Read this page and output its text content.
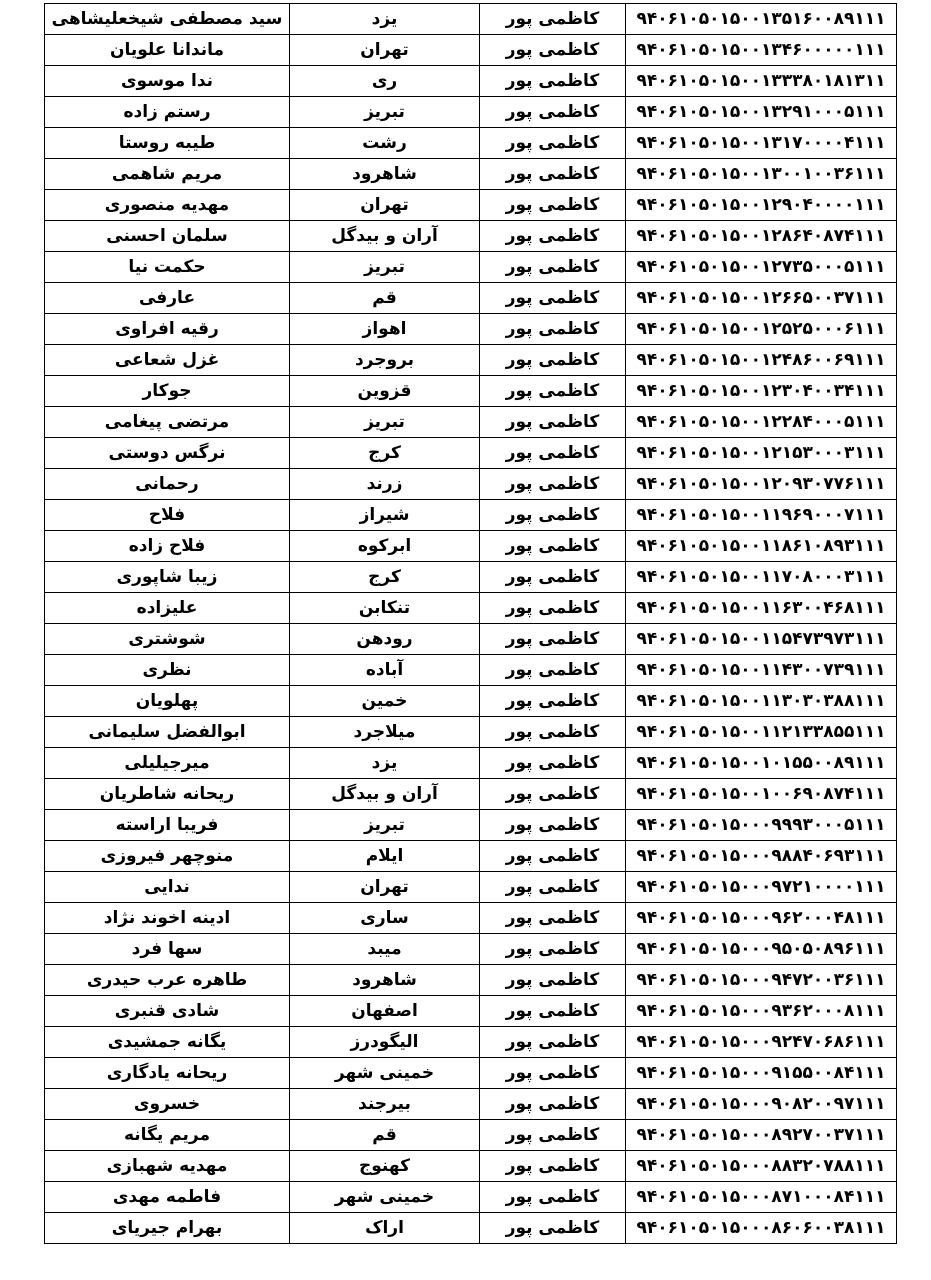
سید مصطفی شیخعلیشاهی	یزد	کاظمی پور	۹۴۰۶۱۰۵۰۱۵۰۰۱۳۵۱۶۰۰۸۹۱۱۱
ماندانا علویان	تهران	کاظمی پور	۹۴۰۶۱۰۵۰۱۵۰۰۱۳۴۶۰۰۰۰۰۱۱۱
ندا موسوی	ری	کاظمی پور	۹۴۰۶۱۰۵۰۱۵۰۰۱۳۳۳۸۰۱۸۱۳۱۱
رستم زاده	تبریز	کاظمی پور	۹۴۰۶۱۰۵۰۱۵۰۰۱۳۲۹۱۰۰۰۵۱۱۱
طیبه روستا	رشت	کاظمی پور	۹۴۰۶۱۰۵۰۱۵۰۰۱۳۱۷۰۰۰۰۴۱۱۱
مریم شاهمی	شاهرود	کاظمی پور	۹۴۰۶۱۰۵۰۱۵۰۰۱۳۰۰۱۰۰۳۶۱۱۱
مهدیه منصوری	تهران	کاظمی پور	۹۴۰۶۱۰۵۰۱۵۰۰۱۲۹۰۴۰۰۰۰۱۱۱
سلمان احسنی	آران و بیدگل	کاظمی پور	۹۴۰۶۱۰۵۰۱۵۰۰۱۲۸۶۴۰۸۷۴۱۱۱
حکمت نیا	تبریز	کاظمی پور	۹۴۰۶۱۰۵۰۱۵۰۰۱۲۷۳۵۰۰۰۵۱۱۱
عارفی	قم	کاظمی پور	۹۴۰۶۱۰۵۰۱۵۰۰۱۲۶۶۵۰۰۳۷۱۱۱
رقیه افراوی	اهواز	کاظمی پور	۹۴۰۶۱۰۵۰۱۵۰۰۱۲۵۲۵۰۰۰۶۱۱۱
غزل شعاعی	بروجرد	کاظمی پور	۹۴۰۶۱۰۵۰۱۵۰۰۱۲۴۸۶۰۰۶۹۱۱۱
جوکار	قزوین	کاظمی پور	۹۴۰۶۱۰۵۰۱۵۰۰۱۲۳۰۴۰۰۳۴۱۱۱
مرتضی پیغامی	تبریز	کاظمی پور	۹۴۰۶۱۰۵۰۱۵۰۰۱۲۲۸۴۰۰۰۵۱۱۱
نرگس دوستی	کرج	کاظمی پور	۹۴۰۶۱۰۵۰۱۵۰۰۱۲۱۵۳۰۰۰۳۱۱۱
رحمانی	زرند	کاظمی پور	۹۴۰۶۱۰۵۰۱۵۰۰۱۲۰۹۳۰۷۷۶۱۱۱
فلاح	شیراز	کاظمی پور	۹۴۰۶۱۰۵۰۱۵۰۰۱۱۹۶۹۰۰۰۷۱۱۱
فلاح زاده	ابرکوه	کاظمی پور	۹۴۰۶۱۰۵۰۱۵۰۰۱۱۸۶۱۰۸۹۳۱۱۱
زیبا شاپوری	کرج	کاظمی پور	۹۴۰۶۱۰۵۰۱۵۰۰۱۱۷۰۸۰۰۰۳۱۱۱
علیزاده	تنکابن	کاظمی پور	۹۴۰۶۱۰۵۰۱۵۰۰۱۱۶۳۰۰۴۶۸۱۱۱
شوشتری	رودهن	کاظمی پور	۹۴۰۶۱۰۵۰۱۵۰۰۱۱۵۴۷۳۹۷۳۱۱۱
نظری	آباده	کاظمی پور	۹۴۰۶۱۰۵۰۱۵۰۰۱۱۴۳۰۰۷۳۹۱۱۱
پهلویان	خمین	کاظمی پور	۹۴۰۶۱۰۵۰۱۵۰۰۱۱۳۰۳۰۳۸۸۱۱۱
ابوالفضل سلیمانی	میلاجرد	کاظمی پور	۹۴۰۶۱۰۵۰۱۵۰۰۱۱۲۱۳۳۸۵۵۱۱۱
میرجیلیلی	یزد	کاظمی پور	۹۴۰۶۱۰۵۰۱۵۰۰۱۰۱۵۵۰۰۸۹۱۱۱
ریحانه شاطریان	آران و بیدگل	کاظمی پور	۹۴۰۶۱۰۵۰۱۵۰۰۱۰۰۶۹۰۸۷۴۱۱۱
فریبا اراسته	تبریز	کاظمی پور	۹۴۰۶۱۰۵۰۱۵۰۰۰۹۹۹۳۰۰۰۵۱۱۱
منوچهر فیروزی	ایلام	کاظمی پور	۹۴۰۶۱۰۵۰۱۵۰۰۰۹۸۸۴۰۶۹۳۱۱۱
ندایی	تهران	کاظمی پور	۹۴۰۶۱۰۵۰۱۵۰۰۰۹۷۲۱۰۰۰۰۱۱۱
ادینه اخوند نژاد	ساری	کاظمی پور	۹۴۰۶۱۰۵۰۱۵۰۰۰۹۶۲۰۰۰۴۸۱۱۱
سها فرد	میبد	کاظمی پور	۹۴۰۶۱۰۵۰۱۵۰۰۰۹۵۰۵۰۸۹۶۱۱۱
طاهره عرب حیدری	شاهرود	کاظمی پور	۹۴۰۶۱۰۵۰۱۵۰۰۰۹۴۷۲۰۰۳۶۱۱۱
شادی قنبری	اصفهان	کاظمی پور	۹۴۰۶۱۰۵۰۱۵۰۰۰۹۳۶۲۰۰۰۸۱۱۱
یگانه جمشیدی	الیگودرز	کاظمی پور	۹۴۰۶۱۰۵۰۱۵۰۰۰۹۲۴۷۰۶۸۶۱۱۱
ریحانه یادگاری	خمینی شهر	کاظمی پور	۹۴۰۶۱۰۵۰۱۵۰۰۰۹۱۵۵۰۰۸۴۱۱۱
خسروی	بیرجند	کاظمی پور	۹۴۰۶۱۰۵۰۱۵۰۰۰۹۰۸۲۰۰۹۷۱۱۱
مریم یگانه	قم	کاظمی پور	۹۴۰۶۱۰۵۰۱۵۰۰۰۸۹۲۷۰۰۳۷۱۱۱
مهدیه شهبازی	کهنوج	کاظمی پور	۹۴۰۶۱۰۵۰۱۵۰۰۰۸۸۳۲۰۷۸۸۱۱۱
فاطمه مهدی	خمینی شهر	کاظمی پور	۹۴۰۶۱۰۵۰۱۵۰۰۰۸۷۱۰۰۰۸۴۱۱۱
بهرام جیریای	اراک	کاظمی پور	۹۴۰۶۱۰۵۰۱۵۰۰۰۸۶۰۶۰۰۳۸۱۱۱
